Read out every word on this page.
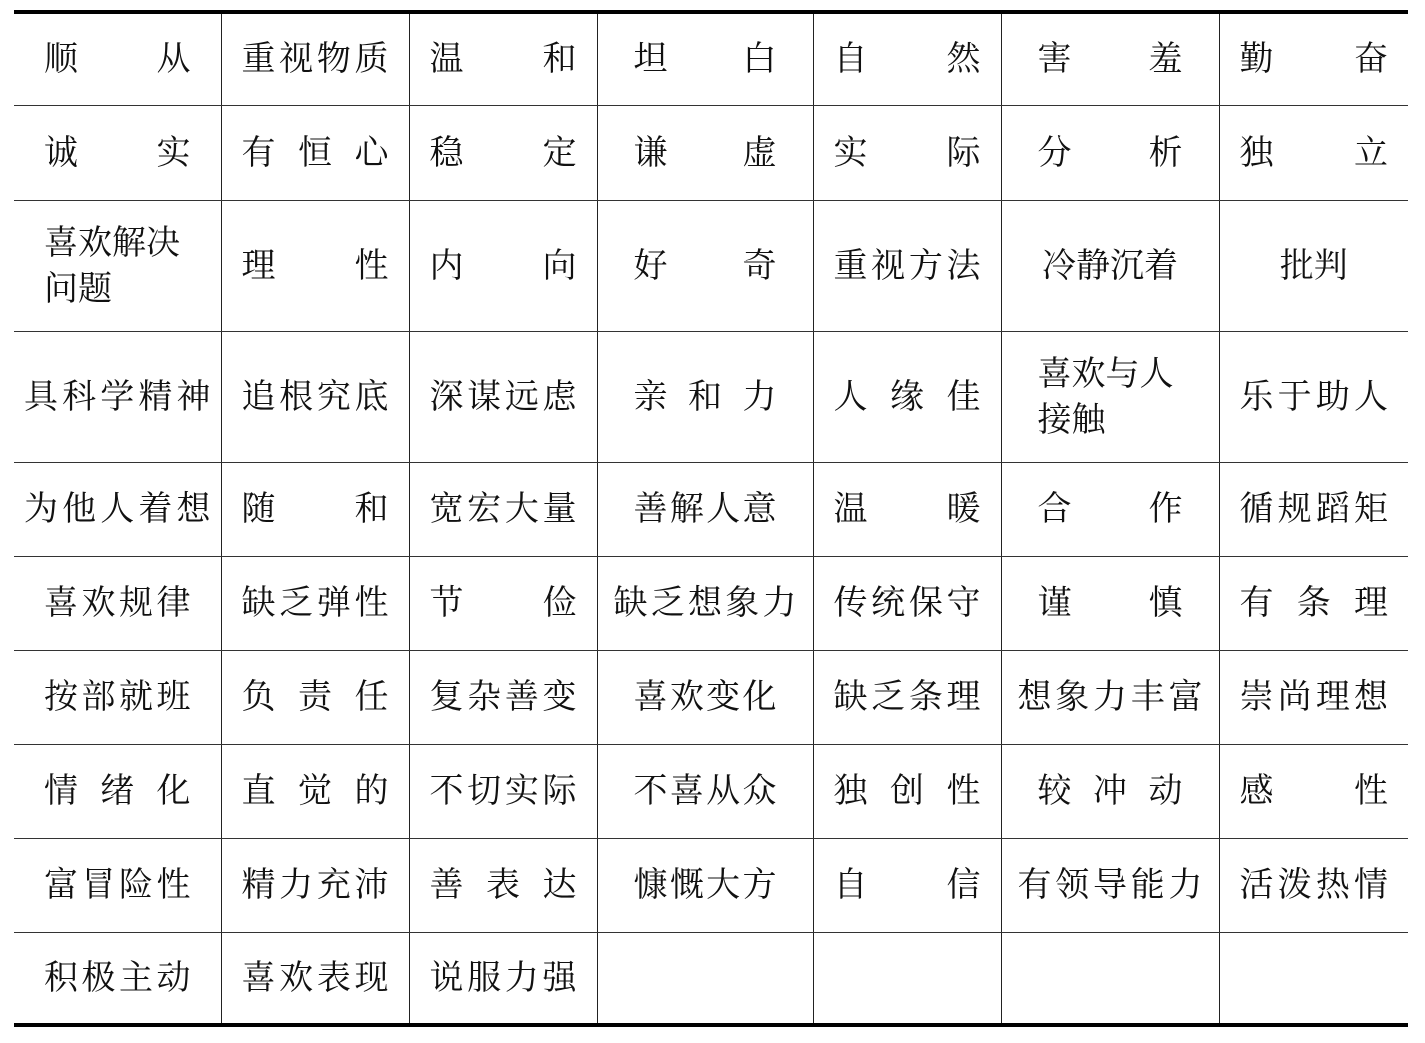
顺从	重视物质	温和	坦白	自然	害羞	勤奋
诚实	有恒心	稳定	谦虚	实际	分析	独立
喜欢解决问题	理性	内向	好奇	重视方法	冷静沉着	批判
具科学精神	追根究底	深谋远虑	亲和力	人缘佳	喜欢与人接触	乐于助人
为他人着想	随和	宽宏大量	善解人意	温暖	合作	循规蹈矩
喜欢规律	缺乏弹性	节俭	缺乏想象力	传统保守	谨慎	有条理
按部就班	负责任	复杂善变	喜欢变化	缺乏条理	想象力丰富	崇尚理想
情绪化	直觉的	不切实际	不喜从众	独创性	较冲动	感性
富冒险性	精力充沛	善表达	慷慨大方	自信	有领导能力	活泼热情
积极主动	喜欢表现	说服力强				
